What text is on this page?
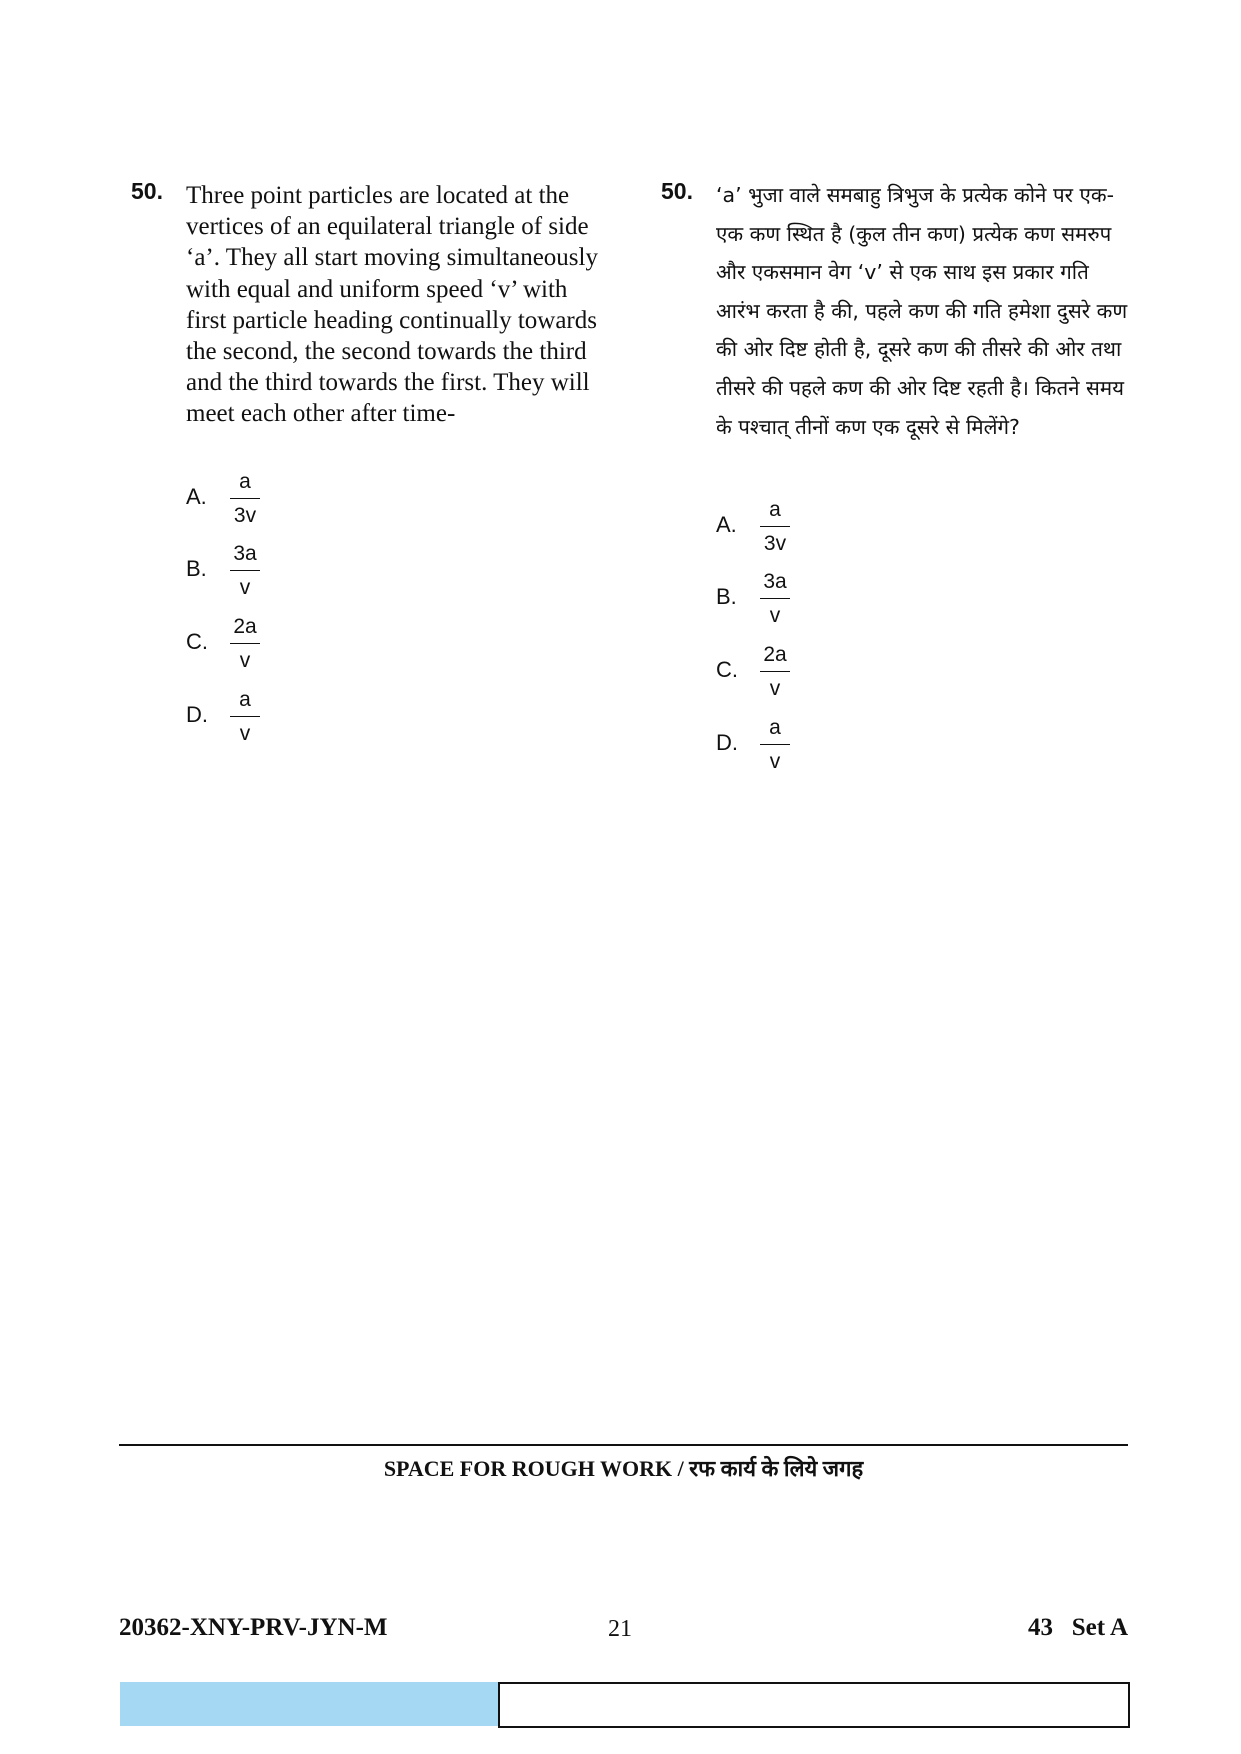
50. Three point particles are located at the vertices of an equilateral triangle of side ‘a’. They all start moving simultaneously with equal and uniform speed ‘v’ with first particle heading continually towards the second, the second towards the third and the third towards the first. They will meet each other after time-
A. $\frac{a}{3v}$
B. $\frac{3a}{v}$
C. $\frac{2a}{v}$
D. $\frac{a}{v}$
50. ‘a’ भुजा वाले समबाहु त्रिभुज के प्रत्येक कोने पर एक-एक कण स्थित है (कुल तीन कण) प्रत्येक कण समरुप और एकसमान वेग ‘v’ से एक साथ इस प्रकार गति आरंभ करता है की, पहले कण की गति हमेशा दुसरे कण की ओर दिष्ट होती है, दूसरे कण की तीसरे की ओर तथा तीसरे की पहले कण की ओर दिष्ट रहती है। कितने समय के पश्चात् तीनों कण एक दूसरे से मिलेंगे?
A. $\frac{a}{3v}$
B. $\frac{3a}{v}$
C. $\frac{2a}{v}$
D. $\frac{a}{v}$
SPACE FOR ROUGH WORK / रफ कार्य के लिये जगह
20362-XNY-PRV-JYN-M	21	43   Set A
